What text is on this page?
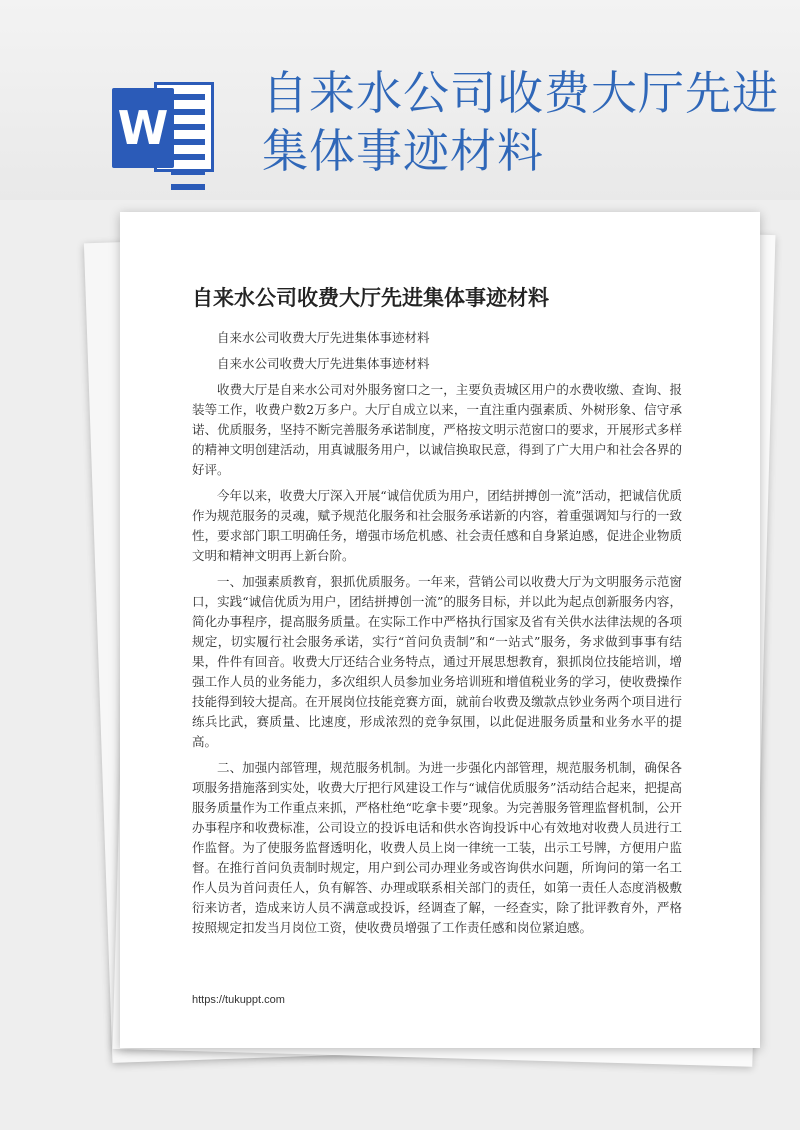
W
自来水公司收费大厅先进集体事迹材料
自来水公司收费大厅先进集体事迹材料

自来水公司收费大厅先进集体事迹材料

自来水公司收费大厅先进集体事迹材料

收费大厅是自来水公司对外服务窗口之一，主要负责城区用户的水费收缴、查询、报装等工作，收费户数2万多户。大厅自成立以来，一直注重内强素质、外树形象、信守承诺、优质服务，坚持不断完善服务承诺制度，严格按文明示范窗口的要求，开展形式多样的精神文明创建活动，用真诚服务用户，以诚信换取民意，得到了广大用户和社会各界的好评。

今年以来，收费大厅深入开展“诚信优质为用户，团结拼搏创一流”活动，把诚信优质作为规范服务的灵魂，赋予规范化服务和社会服务承诺新的内容，着重强调知与行的一致性，要求部门职工明确任务，增强市场危机感、社会责任感和自身紧迫感，促进企业物质文明和精神文明再上新台阶。

一、加强素质教育，狠抓优质服务。一年来，营销公司以收费大厅为文明服务示范窗口，实践“诚信优质为用户，团结拼搏创一流”的服务目标，并以此为起点创新服务内容，简化办事程序，提高服务质量。在实际工作中严格执行国家及省有关供水法律法规的各项规定，切实履行社会服务承诺，实行“首问负责制”和“一站式”服务，务求做到事事有结果，件件有回音。收费大厅还结合业务特点，通过开展思想教育，狠抓岗位技能培训，增强工作人员的业务能力，多次组织人员参加业务培训班和增值税业务的学习，使收费操作技能得到较大提高。在开展岗位技能竞赛方面，就前台收费及缴款点钞业务两个项目进行练兵比武，赛质量、比速度，形成浓烈的竞争氛围，以此促进服务质量和业务水平的提高。

二、加强内部管理，规范服务机制。为进一步强化内部管理，规范服务机制，确保各项服务措施落到实处，收费大厅把行风建设工作与“诚信优质服务”活动结合起来，把提高服务质量作为工作重点来抓，严格杜绝“吃拿卡要”现象。为完善服务管理监督机制，公开办事程序和收费标准，公司设立的投诉电话和供水咨询投诉中心有效地对收费人员进行工作监督。为了使服务监督透明化，收费人员上岗一律统一工装，出示工号牌，方便用户监督。在推行首问负责制时规定，用户到公司办理业务或咨询供水问题，所询问的第一名工作人员为首问责任人，负有解答、办理或联系相关部门的责任，如第一责任人态度消极敷衍来访者，造成来访人员不满意或投诉，经调查了解，一经查实，除了批评教育外，严格按照规定扣发当月岗位工资，使收费员增强了工作责任感和岗位紧迫感。

https://tukuppt.com
